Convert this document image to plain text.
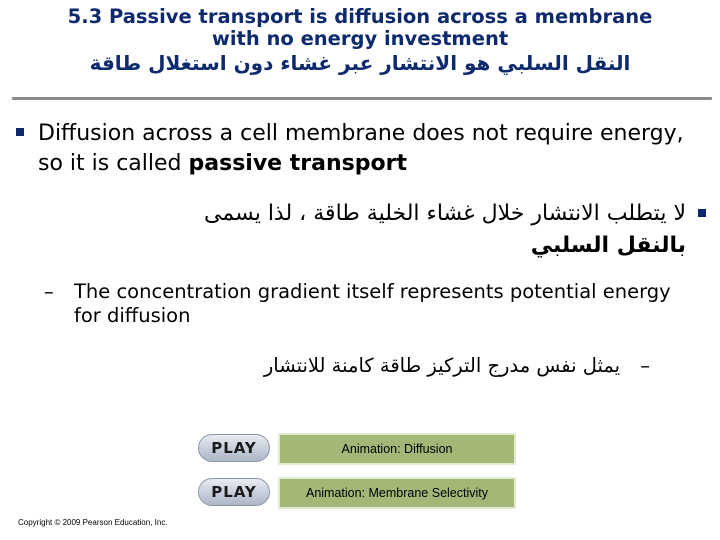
5.3 Passive transport is diffusion across a membrane
with no energy investment
النقل السلبي هو الانتشار عبر غشاء دون استغلال طاقة
Diffusion across a cell membrane does not require energy, so it is called passive transport
لا يتطلب الانتشار خلال غشاء الخلية طاقة ، لذا يسمى
بالنقل السلبي
–	The concentration gradient itself represents potential energy for diffusion
– يمثل نفس مدرج التركيز طاقة كامنة للانتشار
PLAY	Animation: Diffusion
PLAY	Animation: Membrane Selectivity
Copyright © 2009 Pearson Education, Inc.
